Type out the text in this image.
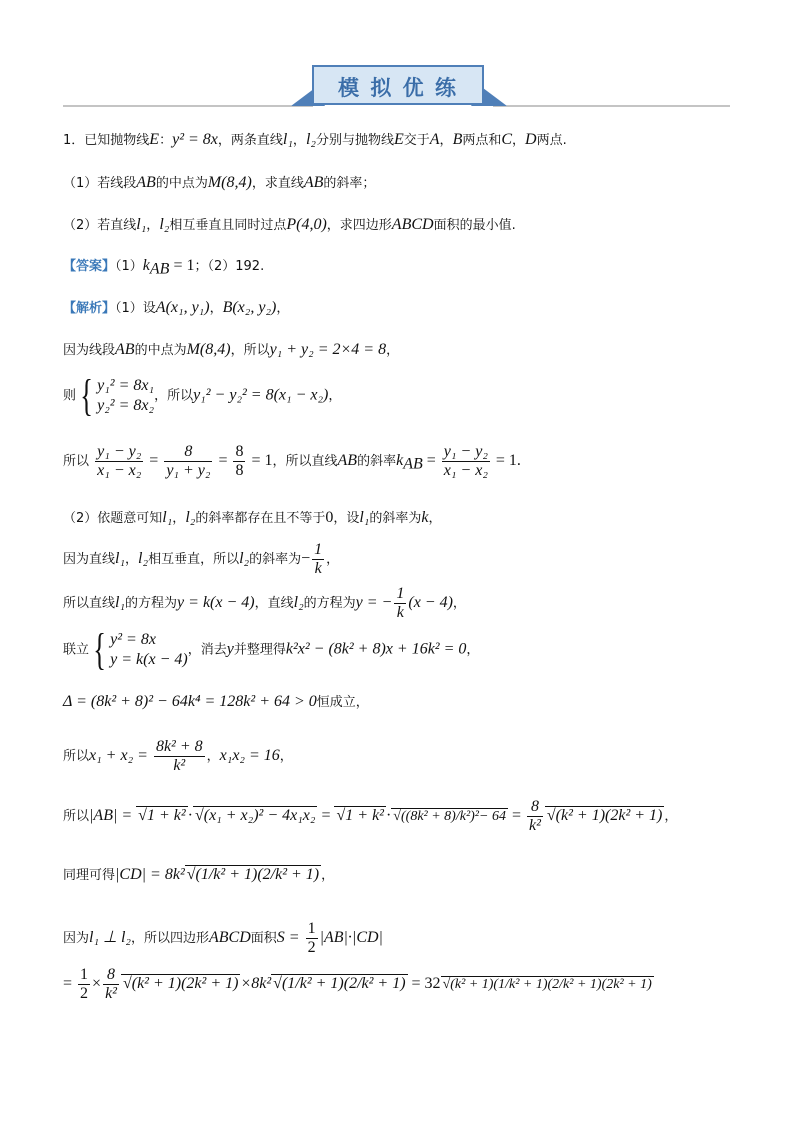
模 拟 优 练
1．已知抛物线E：y² = 8x，两条直线l₁，l₂分别与抛物线E交于A，B两点和C，D两点.
（1）若线段AB的中点为M(8,4)，求直线AB的斜率；
（2）若直线l₁，l₂相互垂直且同时过点P(4,0)，求四边形ABCD面积的最小值.
【答案】$(1)k_{AB} = 1$；（2）192.
【解析】（1）设A(x₁, y₁)，B(x₂, y₂)，
因为线段AB的中点为M(8,4)，所以y₁ + y₂ = 2×4 = 8，
则{ y₁² = 8x₁
y₂² = 8x₂
，所以y₁² − y₂² = 8(x₁ − x₂)，
所以 $\frac{\text{y₁ − y₂}}{\text{x₁ − x₂}} = \frac{8}{\text{y₁ + y₂}} = \frac{8}{8} = 1$，所以直线AB的斜率$k_{AB} = \frac{\text{y₁ − y₂}}{\text{x₁ − x₂}} = 1$.
（2）依题意可知l₁，l₂的斜率都存在且不等于0，设l₁的斜率为k，
因为直线l₁，l₂相互垂直，所以l₂的斜率为− $\frac{1}{k}$ ，
所以直线l₁的方程为y = k(x − 4)，直线l₂的方程为y = − $\frac{1}{k} (x - 4)$，
联立{ y² = 8x
y = k(x − 4)
，消去y并整理得k²x² − (8k² + 8)x + 16k² = 0，
Δ = (8k² + 8)² − 64k⁴ = 128k² + 64 > 0恒成立，
所以$x_1 + x_2 = \frac{\text{8k² + 8}}{\text{k²}}$ ，x₁x₂ = 16，
所以$|AB| = √1 + k^2 \cdot √(x_1 + x_2)^2 - 4x_1x_2 = √1 + k^2 \cdot √((8k^2 + 8)/k^2)^2- 64 = \frac{8}{\text{k²}} √(k^2 + 1)(2k^2 + 1)$ ，
同理可得|CD| = 8k² √(1/k² + 1)(2/k² + 1) ，
因为l₁ ⊥ l₂，所以四边形ABCD面积$S = \frac{1}{2} |AB|\cdot|CD|$
= $\frac{1}{2} \times \frac{8}{\text{k²}} √(k^2 + 1)(2k^2 + 1) \times 8k^2$ √(1/k² + 1)(2/k² + 1) = 32 √(k² + 1)(1/k² + 1)(2/k² + 1)(2k² + 1)
